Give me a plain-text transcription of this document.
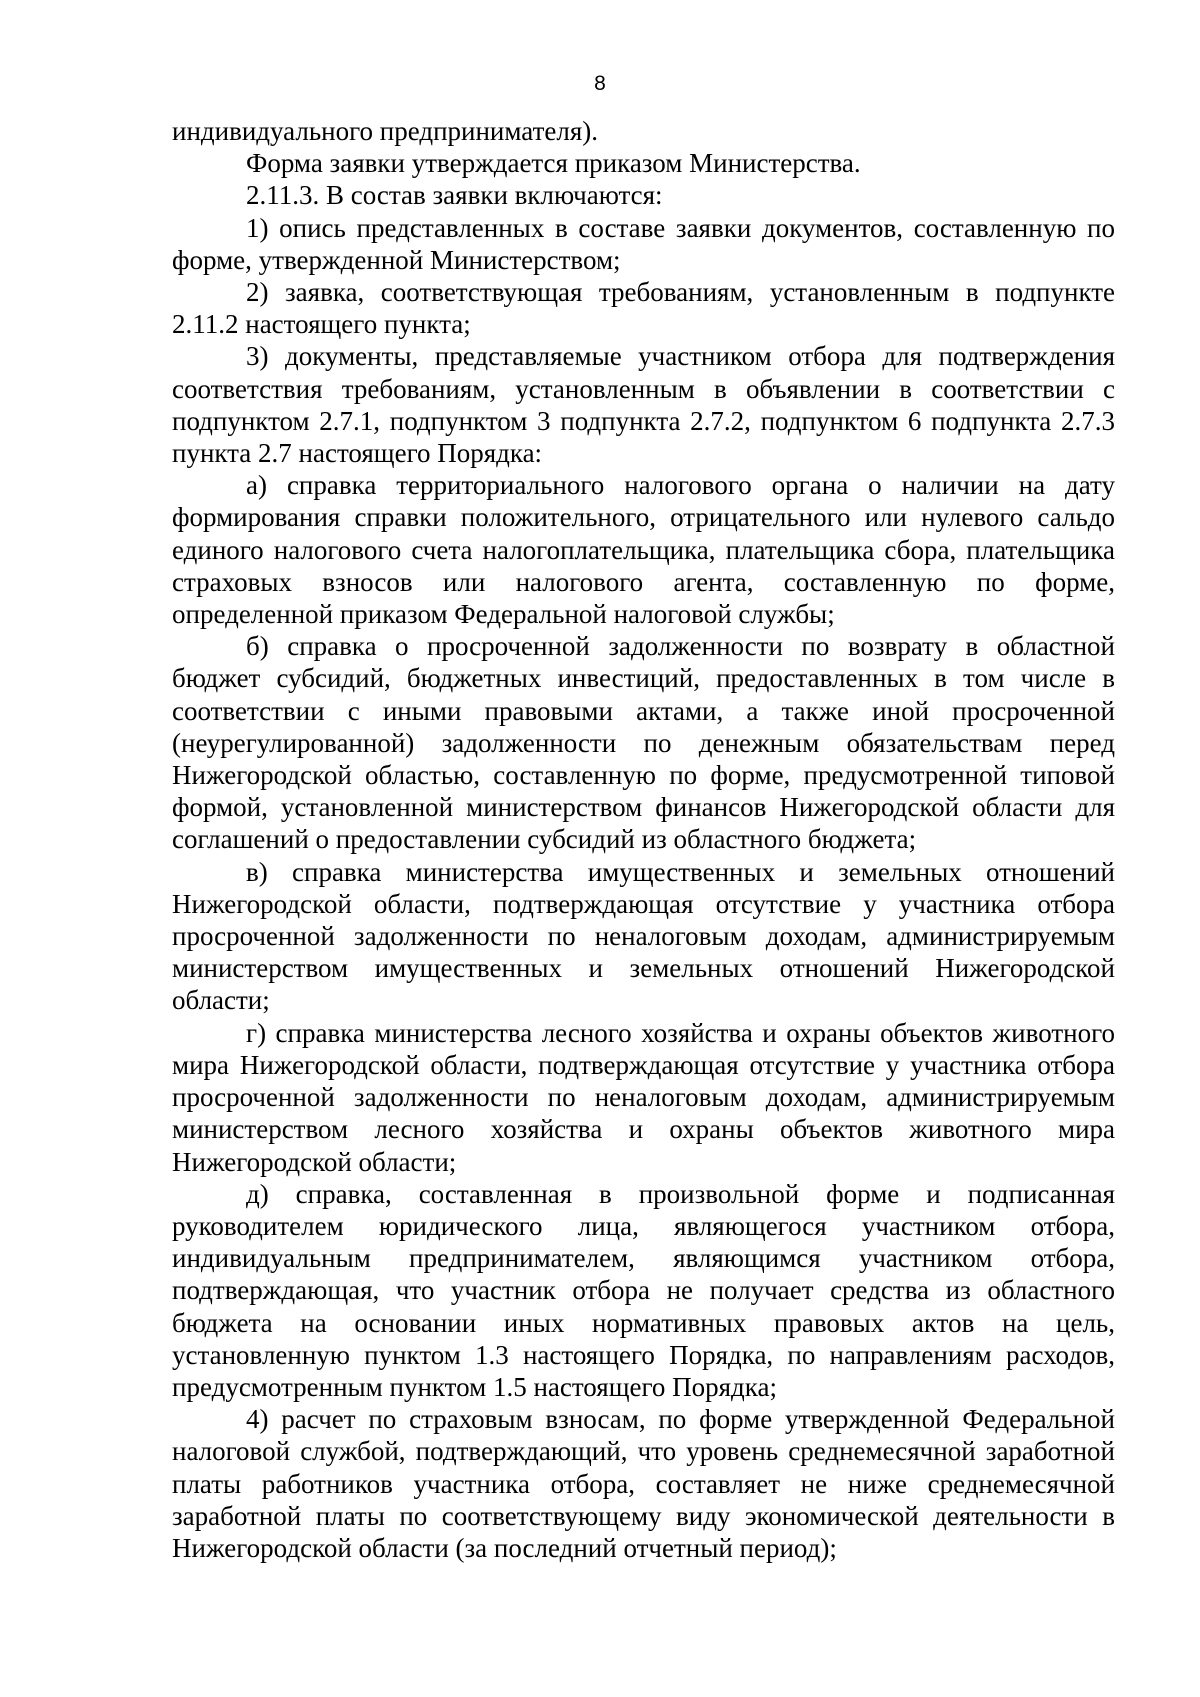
8

индивидуального предпринимателя).

Форма заявки утверждается приказом Министерства.

2.11.3. В состав заявки включаются:

1) опись представленных в составе заявки документов, составленную по форме, утвержденной Министерством;

2) заявка, соответствующая требованиям, установленным в подпункте 2.11.2 настоящего пункта;

3) документы, представляемые участником отбора для подтверждения соответствия требованиям, установленным в объявлении в соответствии с подпунктом 2.7.1, подпунктом 3 подпункта 2.7.2, подпунктом 6 подпункта 2.7.3 пункта 2.7 настоящего Порядка:

а) справка территориального налогового органа о наличии на дату формирования справки положительного, отрицательного или нулевого сальдо единого налогового счета налогоплательщика, плательщика сбора, плательщика страховых взносов или налогового агента, составленную по форме, определенной приказом Федеральной налоговой службы;

б) справка о просроченной задолженности по возврату в областной бюджет субсидий, бюджетных инвестиций, предоставленных в том числе в соответствии с иными правовыми актами, а также иной просроченной (неурегулированной) задолженности по денежным обязательствам перед Нижегородской областью, составленную по форме, предусмотренной типовой формой, установленной министерством финансов Нижегородской области для соглашений о предоставлении субсидий из областного бюджета;

в) справка министерства имущественных и земельных отношений Нижегородской области, подтверждающая отсутствие у участника отбора просроченной задолженности по неналоговым доходам, администрируемым министерством имущественных и земельных отношений Нижегородской области;

г) справка министерства лесного хозяйства и охраны объектов животного мира Нижегородской области, подтверждающая отсутствие у участника отбора просроченной задолженности по неналоговым доходам, администрируемым министерством лесного хозяйства и охраны объектов животного мира Нижегородской области;

д) справка, составленная в произвольной форме и подписанная руководителем юридического лица, являющегося участником отбора, индивидуальным предпринимателем, являющимся участником отбора, подтверждающая, что участник отбора не получает средства из областного бюджета на основании иных нормативных правовых актов на цель, установленную пунктом 1.3 настоящего Порядка, по направлениям расходов, предусмотренным пунктом 1.5 настоящего Порядка;

4) расчет по страховым взносам, по форме утвержденной Федеральной налоговой службой, подтверждающий, что уровень среднемесячной заработной платы работников участника отбора, составляет не ниже среднемесячной заработной платы по соответствующему виду экономической деятельности в Нижегородской области (за последний отчетный период);
